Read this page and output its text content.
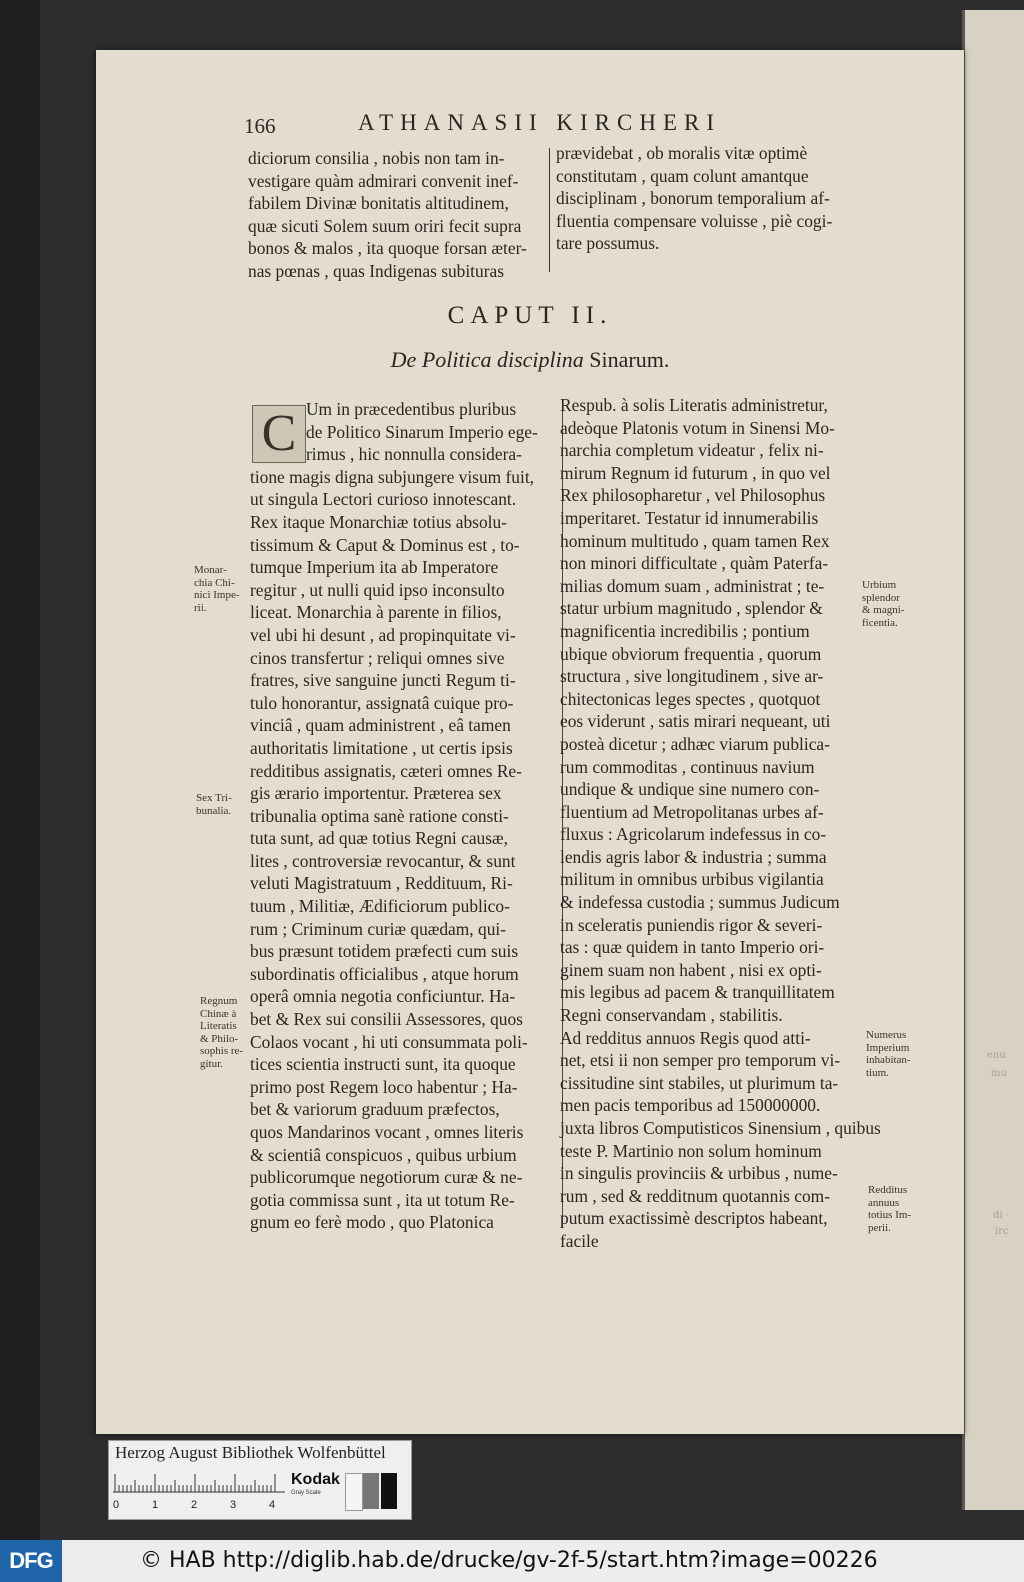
enu
mu
di ·
irc
166	ATHANASII KIRCHERI
diciorum consilia , nobis non tam in-
vestigare quàm admirari convenit inef-
fabilem Divinæ bonitatis altitudinem,
quæ sicuti Solem suum oriri fecit supra
bonos & malos , ita quoque forsan æter-
nas pœnas , quas Indigenas subituras
prævidebat , ob moralis vitæ optimè
constitutam , quam colunt amantque
disciplinam , bonorum temporalium af-
fluentia compensare voluisse , piè cogi-
tare possumus.
CAPUT II.
De Politica disciplina Sinarum.
C Um in præcedentibus pluribus
de Politico Sinarum Imperio ege-
rimus , hic nonnulla considera-
tione magis digna subjungere visum fuit,
ut singula Lectori curioso innotescant.
Rex itaque Monarchiæ totius absolu-
tissimum & Caput & Dominus est , to-
tumque Imperium ita ab Imperatore
regitur , ut nulli quid ipso inconsulto
liceat. Monarchia à parente in filios,
vel ubi hi desunt , ad propinquitate vi-
cinos transfertur ; reliqui omnes sive
fratres, sive sanguine juncti Regum ti-
tulo honorantur, assignatâ cuique pro-
vinciâ , quam administrent , eâ tamen
authoritatis limitatione , ut certis ipsis
redditibus assignatis, cæteri omnes Re-
gis ærario importentur. Præterea sex
tribunalia optima sanè ratione consti-
tuta sunt, ad quæ totius Regni causæ,
lites , controversiæ revocantur, & sunt
veluti Magistratuum , Reddituum, Ri-
tuum , Militiæ, Ædificiorum publico-
rum ; Criminum curiæ quædam, qui-
bus præsunt totidem præfecti cum suis
subordinatis officialibus , atque horum
operâ omnia negotia conficiuntur. Ha-
bet & Rex sui consilii Assessores, quos
Colaos vocant , hi uti consummata poli-
tices scientia instructi sunt, ita quoque
primo post Regem loco habentur ; Ha-
bet & variorum graduum præfectos,
quos Mandarinos vocant , omnes literis
& scientiâ conspicuos , quibus urbium
publicorumque negotiorum curæ & ne-
gotia commissa sunt , ita ut totum Re-
gnum eo ferè modo , quo Platonica
Respub. à solis Literatis administretur,
adeòque Platonis votum in Sinensi Mo-
narchia completum videatur , felix ni-
mirum Regnum id futurum , in quo vel
Rex philosopharetur , vel Philosophus
imperitaret. Testatur id innumerabilis
hominum multitudo , quam tamen Rex
non minori difficultate , quàm Paterfa-
milias domum suam , administrat ; te-
statur urbium magnitudo , splendor &
magnificentia incredibilis ; pontium
ubique obviorum frequentia , quorum
structura , sive longitudinem , sive ar-
chitectonicas leges spectes , quotquot
eos viderunt , satis mirari nequeant, uti
posteà dicetur ; adhæc viarum publica-
rum commoditas , continuus navium
undique & undique sine numero con-
fluentium ad Metropolitanas urbes af-
fluxus : Agricolarum indefessus in co-
lendis agris labor & industria ; summa
militum in omnibus urbibus vigilantia
& indefessa custodia ; summus Judicum
in sceleratis puniendis rigor & severi-
tas : quæ quidem in tanto Imperio ori-
ginem suam non habent , nisi ex opti-
mis legibus ad pacem & tranquillitatem
Regni conservandam , stabilitis.
Ad redditus annuos Regis quod atti-
net, etsi ii non semper pro temporum vi-
cissitudine sint stabiles, ut plurimum ta-
men pacis temporibus ad 150000000.
juxta libros Computisticos Sinensium , quibus
teste P. Martinio non solum hominum
in singulis provinciis & urbibus , nume-
rum , sed & redditnum quotannis com-
putum exactissimè descriptos habeant,
facile
Monar-
chia Chi-
nici Impe-
rii.
Sex Tri-
bunalia.
Regnum
Chinæ à
Literatis
& Philo-
sophis re-
gitur.
Urbium
splendor
& magni-
ficentia.
Numerus
Imperium
inhabitan-
tium.
Redditus
annuus
totius Im-
perii.
Herzog August Bibliothek Wolfenbüttel
0	1	2	3	4
Kodak
Gray Scale
DFG	© HAB http://diglib.hab.de/drucke/gv-2f-5/start.htm?image=00226
